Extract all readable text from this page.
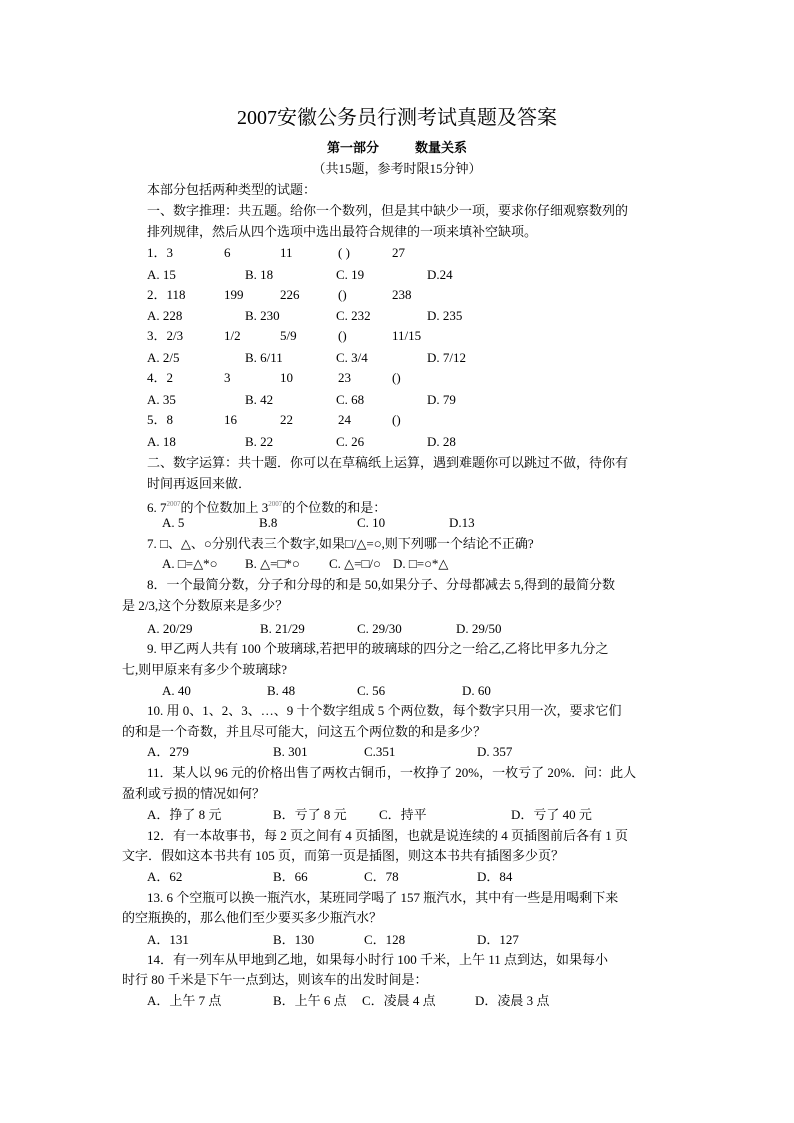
2007安徽公务员行测考试真题及答案
第一部分	数量关系
（共15题，参考时限15分钟）
本部分包括两种类型的试题：
一、数字推理：共五题。给你一个数列，但是其中缺少一项，要求你仔细观察数列的
排列规律，然后从四个选项中选出最符合规律的一项来填补空缺项。
二、数字运算：共十题．你可以在草稿纸上运算，遇到难题你可以跳过不做，待你有
时间再返回来做．
6. $7^{2007}$的个位数加上 $3^{2007}$的个位数的和是：
7. □、△、○分别代表三个数字,如果□/△=○,则下列哪一个结论不正确?
1．3	6	11	( )	27
A. 15	B. 18	C. 19	D.24
2．118	199	226	()	238
A. 228	B. 230	C. 232	D. 235
3．2/3	1/2	5/9	()	11/15
A. 2/5	B. 6/11	C. 3/4	D. 7/12
4．2	3	10	23	()
A. 35	B. 42	C. 68	D. 79
5．8	16	22	24	()
A. 18	B. 22	C. 26	D. 28
8．一个最简分数，分子和分母的和是 50,如果分子、分母都减去 5,得到的最简分数
是 2/3,这个分数原来是多少？
9. 甲乙两人共有 100 个玻璃球,若把甲的玻璃球的四分之一给乙,乙将比甲多九分之
七,则甲原来有多少个玻璃球?
10. 用 0、1、2、3、…、9 十个数字组成 5 个两位数，每个数字只用一次，要求它们
的和是一个奇数，并且尽可能大，问这五个两位数的和是多少？
11．某人以 96 元的价格出售了两枚古铜币，一枚挣了 20%，一枚亏了 20%．问：此人
盈利或亏损的情况如何？
12．有一本故事书，每 2 页之间有 4 页插图，也就是说连续的 4 页插图前后各有 1 页
文字．假如这本书共有 105 页，而第一页是插图，则这本书共有插图多少页？
13. 6 个空瓶可以换一瓶汽水，某班同学喝了 157 瓶汽水，其中有一些是用喝剩下来
的空瓶换的，那么他们至少要买多少瓶汽水？
14．有一列车从甲地到乙地，如果每小时行 100 千米，上午 11 点到达，如果每小
时行 80 千米是下午一点到达，则该车的出发时间是：
A. 5	B.8	C. 10	D.13
A. □=△*○ B. △=□*○ C. △=□/○ D. □=○*△
A. 20/29	B. 21/29	C. 29/30	D. 29/50
A. 40	B. 48	C. 56	D. 60
A．279	B. 301	C.351	D. 357
A．挣了 8 元	B．亏了 8 元 C．持平	D．亏了 40 元
A．62	B．66	C．78	D．84
A．131	B．130	C．128	D．127
A．上午 7 点	B．上午 6 点 C．凌晨 4 点	D．凌晨 3 点
